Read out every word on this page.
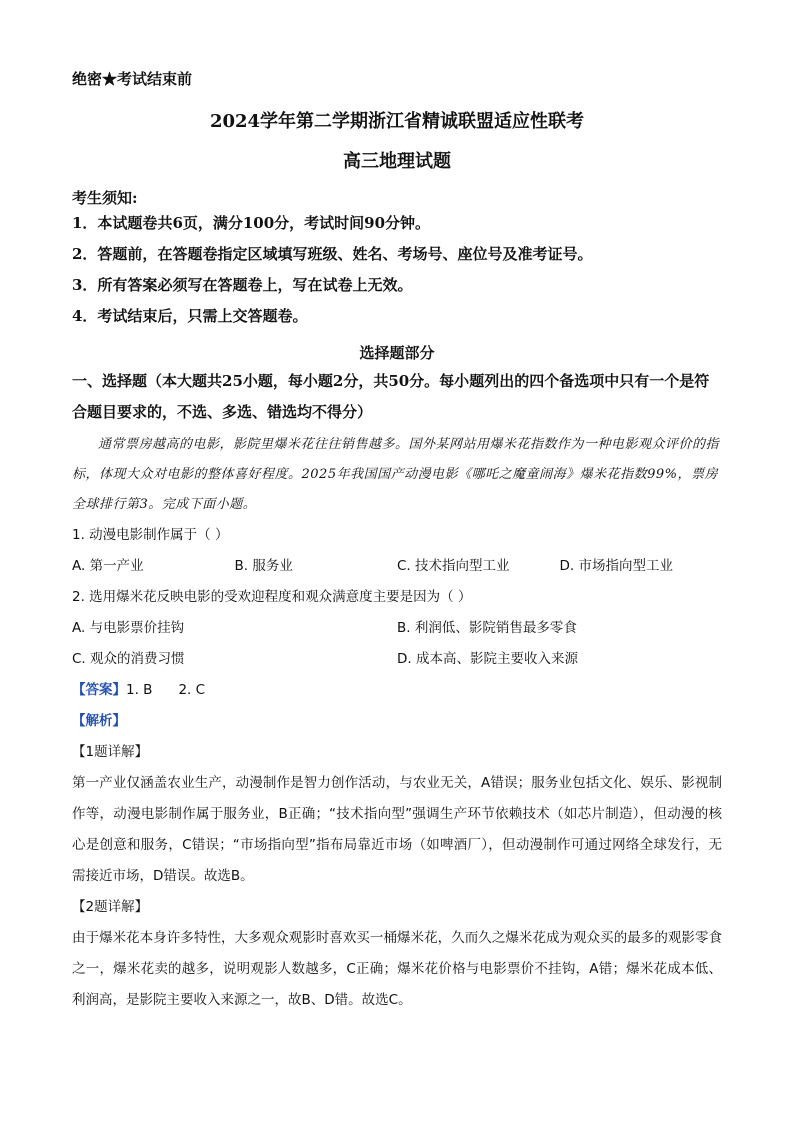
绝密★考试结束前
2024学年第二学期浙江省精诚联盟适应性联考
高三地理试题
考生须知:
1．本试题卷共6页，满分100分，考试时间90分钟。
2．答题前，在答题卷指定区域填写班级、姓名、考场号、座位号及准考证号。
3．所有答案必须写在答题卷上，写在试卷上无效。
4．考试结束后，只需上交答题卷。
选择题部分
一、选择题（本大题共25小题，每小题2分，共50分。每小题列出的四个备选项中只有一个是符合题目要求的，不选、多选、错选均不得分）
通常票房越高的电影，影院里爆米花往往销售越多。国外某网站用爆米花指数作为一种电影观众评价的指标，体现大众对电影的整体喜好程度。2025年我国国产动漫电影《哪吒之魔童闹海》爆米花指数99%，票房全球排行第3。完成下面小题。
1. 动漫电影制作属于（ ）
A. 第一产业	B. 服务业	C. 技术指向型工业	D. 市场指向型工业
2. 选用爆米花反映电影的受欢迎程度和观众满意度主要是因为（ ）
A. 与电影票价挂钩	B. 利润低、影院销售最多零食
C. 观众的消费习惯	D. 成本高、影院主要收入来源
【答案】1. B 2. C
【解析】
【1题详解】
第一产业仅涵盖农业生产，动漫制作是智力创作活动，与农业无关，A错误；服务业包括文化、娱乐、影视制作等，动漫电影制作属于服务业，B正确；“技术指向型”强调生产环节依赖技术（如芯片制造），但动漫的核心是创意和服务，C错误；“市场指向型”指布局靠近市场（如啤酒厂），但动漫制作可通过网络全球发行，无需接近市场，D错误。故选B。
【2题详解】
由于爆米花本身许多特性，大多观众观影时喜欢买一桶爆米花，久而久之爆米花成为观众买的最多的观影零食之一，爆米花卖的越多，说明观影人数越多，C正确；爆米花价格与电影票价不挂钩，A错；爆米花成本低、利润高，是影院主要收入来源之一，故B、D错。故选C。
